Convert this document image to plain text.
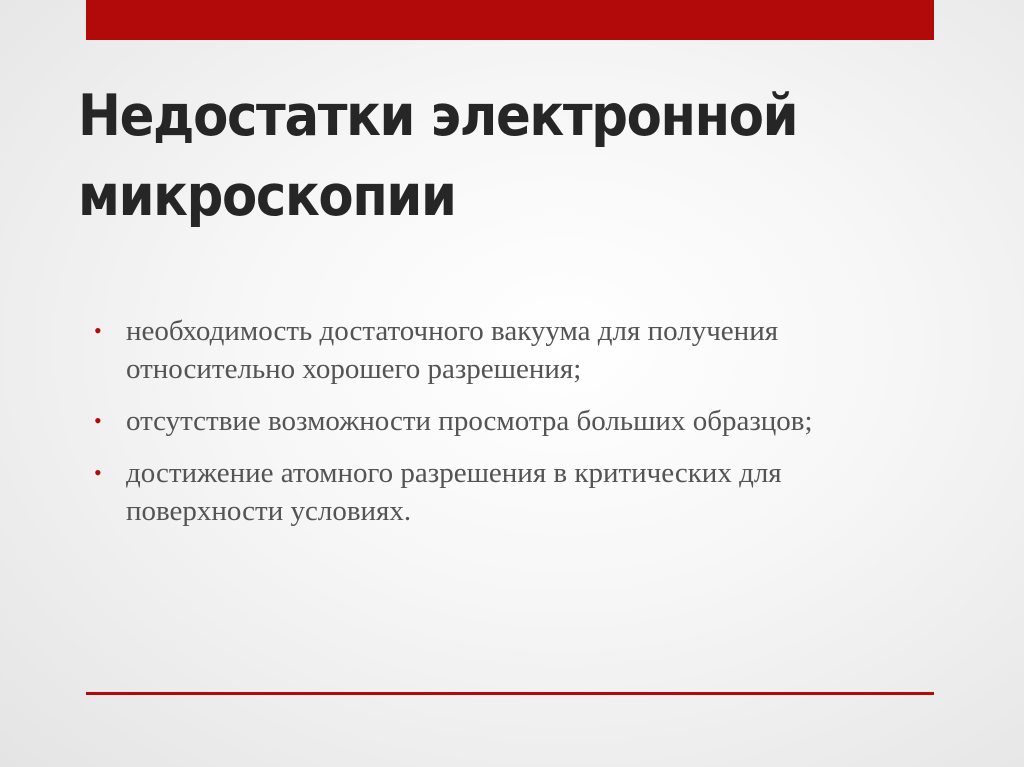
Недостатки электронной микроскопии
• необходимость достаточного вакуума для получения относительно хорошего разрешения;
• отсутствие возможности просмотра больших образцов;
• достижение атомного разрешения в критических для поверхности условиях.
